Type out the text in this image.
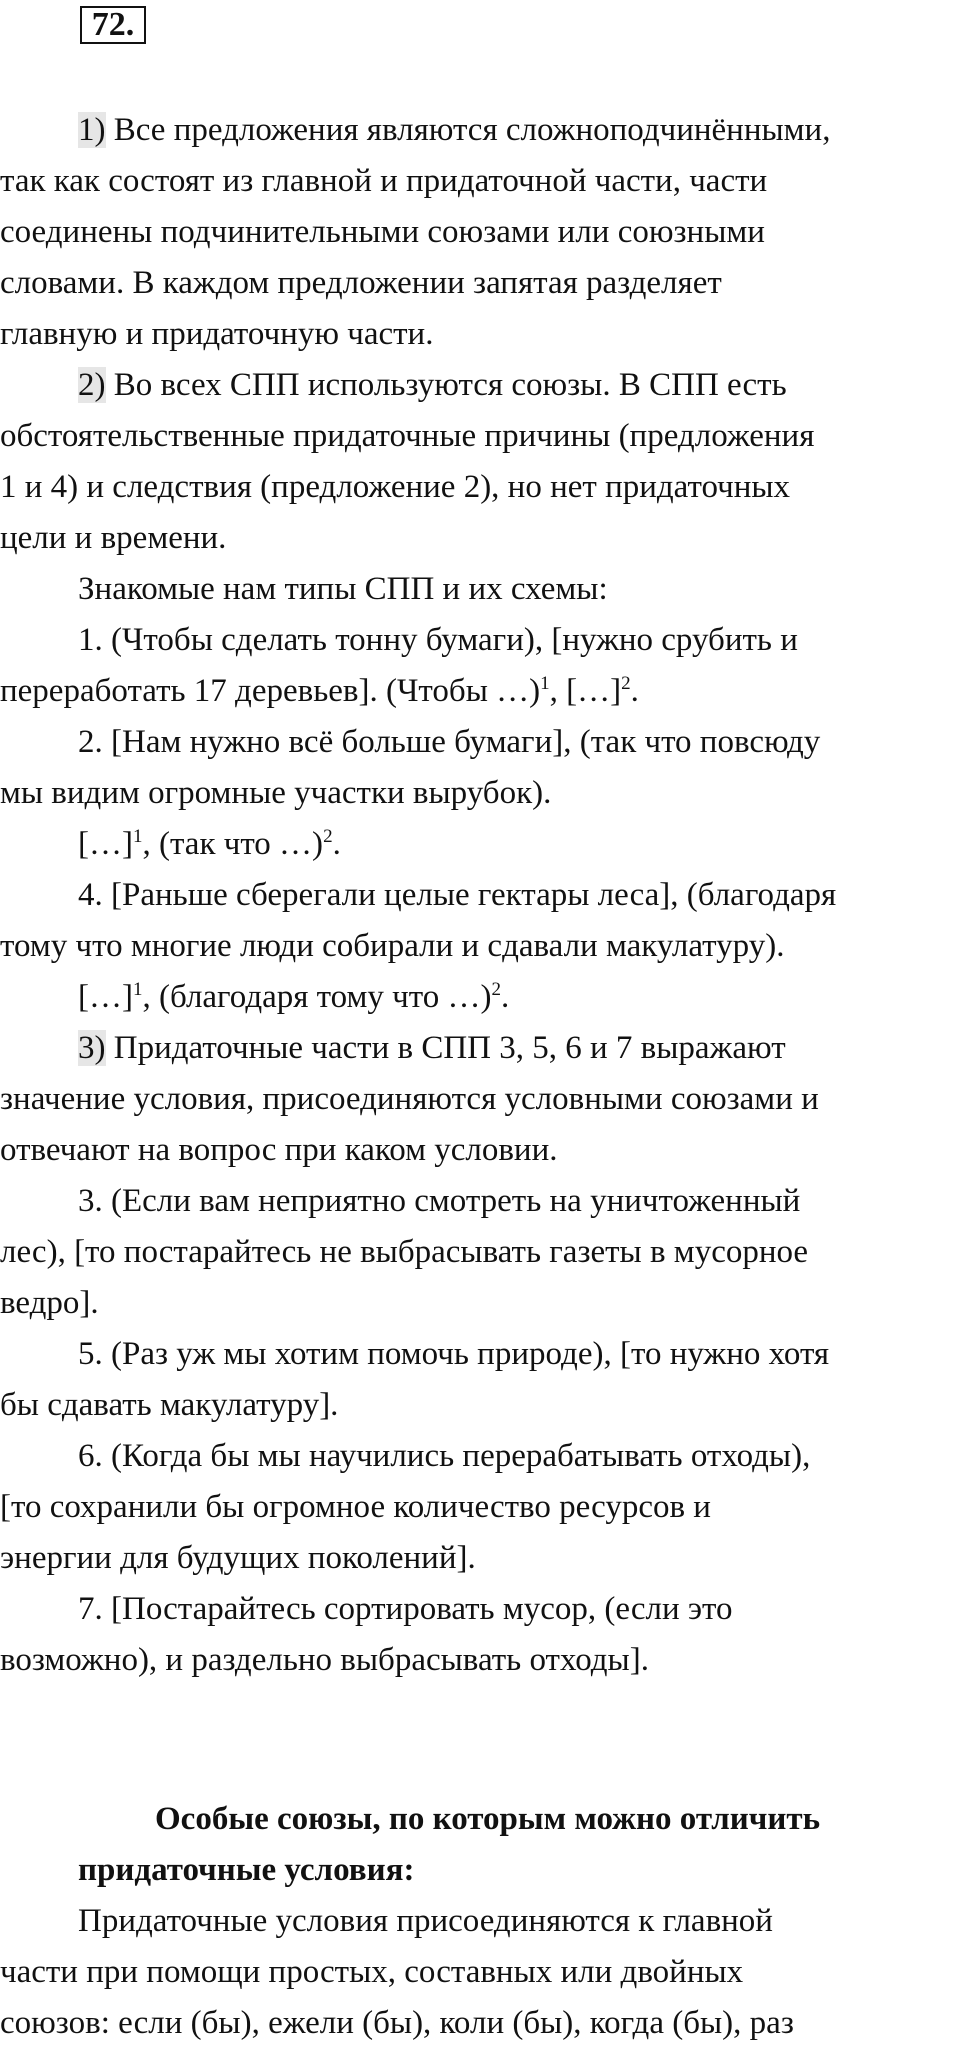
72.

1) Все предложения являются сложноподчинёнными,
так как состоят из главной и придаточной части, части
соединены подчинительными союзами или союзными
словами. В каждом предложении запятая разделяет
главную и придаточную части.

2) Во всех СПП используются союзы. В СПП есть
обстоятельственные придаточные причины (предложения
1 и 4) и следствия (предложение 2), но нет придаточных
цели и времени.

Знакомые нам типы СПП и их схемы:

1. (Чтобы сделать тонну бумаги), [нужно срубить и
переработать 17 деревьев]. (Чтобы …)$^1$, […]$^2$.

2. [Нам нужно всё больше бумаги], (так что повсюду
мы видим огромные участки вырубок).

[…]$^1$, (так что …)$^2$.

4. [Раньше сберегали целые гектары леса], (благодаря
тому что многие люди собирали и сдавали макулатуру).

[…]$^1$, (благодаря тому что …)$^2$.

3) Придаточные части в СПП 3, 5, 6 и 7 выражают
значение условия, присоединяются условными союзами и
отвечают на вопрос при каком условии.

3. (Если вам неприятно смотреть на уничтоженный
лес), [то постарайтесь не выбрасывать газеты в мусорное
ведро].

5. (Раз уж мы хотим помочь природе), [то нужно хотя
бы сдавать макулатуру].

6. (Когда бы мы научились перерабатывать отходы),
[то сохранили бы огромное количество ресурсов и
энергии для будущих поколений].

7. [Постарайтесь сортировать мусор, (если это
возможно), и раздельно выбрасывать отходы].

Особые союзы, по которым можно отличить
придаточные условия:

Придаточные условия присоединяются к главной
части при помощи простых, составных или двойных
союзов: если (бы), ежели (бы), коли (бы), когда (бы), раз
